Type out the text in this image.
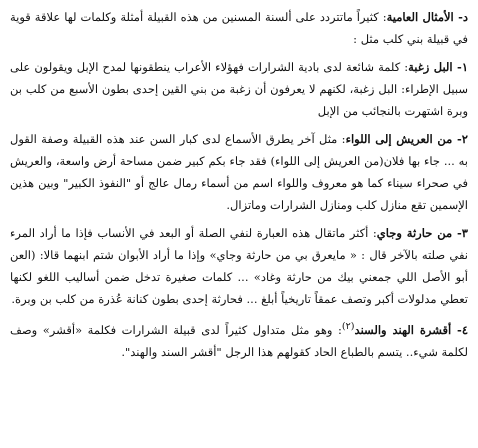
د- الأمثال العامية: كثيراً ماتتردد على ألسنة المسنين من هذه القبيلة أمثلة وكلمات لها علاقة قوية في قبيلة بني كلب مثل :

١- البل زغبة: كلمة شائعة لدى بادية الشرارات فهؤلاء الأعراب ينطقونها لمدح الإبل ويقولون على سبيل الإطراء: البل زغبة، لكنهم لا يعرفون أن زغبة من بني القين إحدى بطون الأسبع من كلب بن وبرة اشتهرت بالنجائب من الإبل

٢- من العريش إلى اللواء: مثل آخر يطرق الأسماع لدى كبار السن عند هذه القبيلة وصفة القول به ... جاء بها فلان(من العريش إلى اللواء) فقد جاء بكم كبير ضمن مساحة أرض واسعة، والعريش في صحراء سيناء كما هو معروف واللواء اسم من أسماء رمال عالج أو "النفوذ الكبير" وبين هذين الإسمين تقع منازل كلب ومنازل الشرارات وماتزال.

٣- من حارثة وجاي: أكثر ماتقال هذه العبارة لنفي الصلة أو البعد في الأنساب فإذا ما أراد المرء نفي صلته بالآخر قال : « مايعرق بي من حارثة وجاي» وإذا ما أراد الأبوان شتم ابنهما قالا: (العن أبو الأصل اللي جمعني بيك من حارثة وغاد» ... كلمات صغيرة تدخل ضمن أساليب اللغو لكنها تعطي مدلولات أكبر وتصف عمقاً تاريخياً أبلغ ... فحارثة إحدى بطون كنانة عُذرة من كلب بن وبرة.

٤- أقشرة الهند والسند$^{(٢)}$: وهو مثل متداول كثيراً لدى قبيلة الشرارات فكلمة «أقشر» وصف لكلمة شيء.. يتسم بالطباع الحاد كقولهم هذا الرجل "أقشر السند والهند".
